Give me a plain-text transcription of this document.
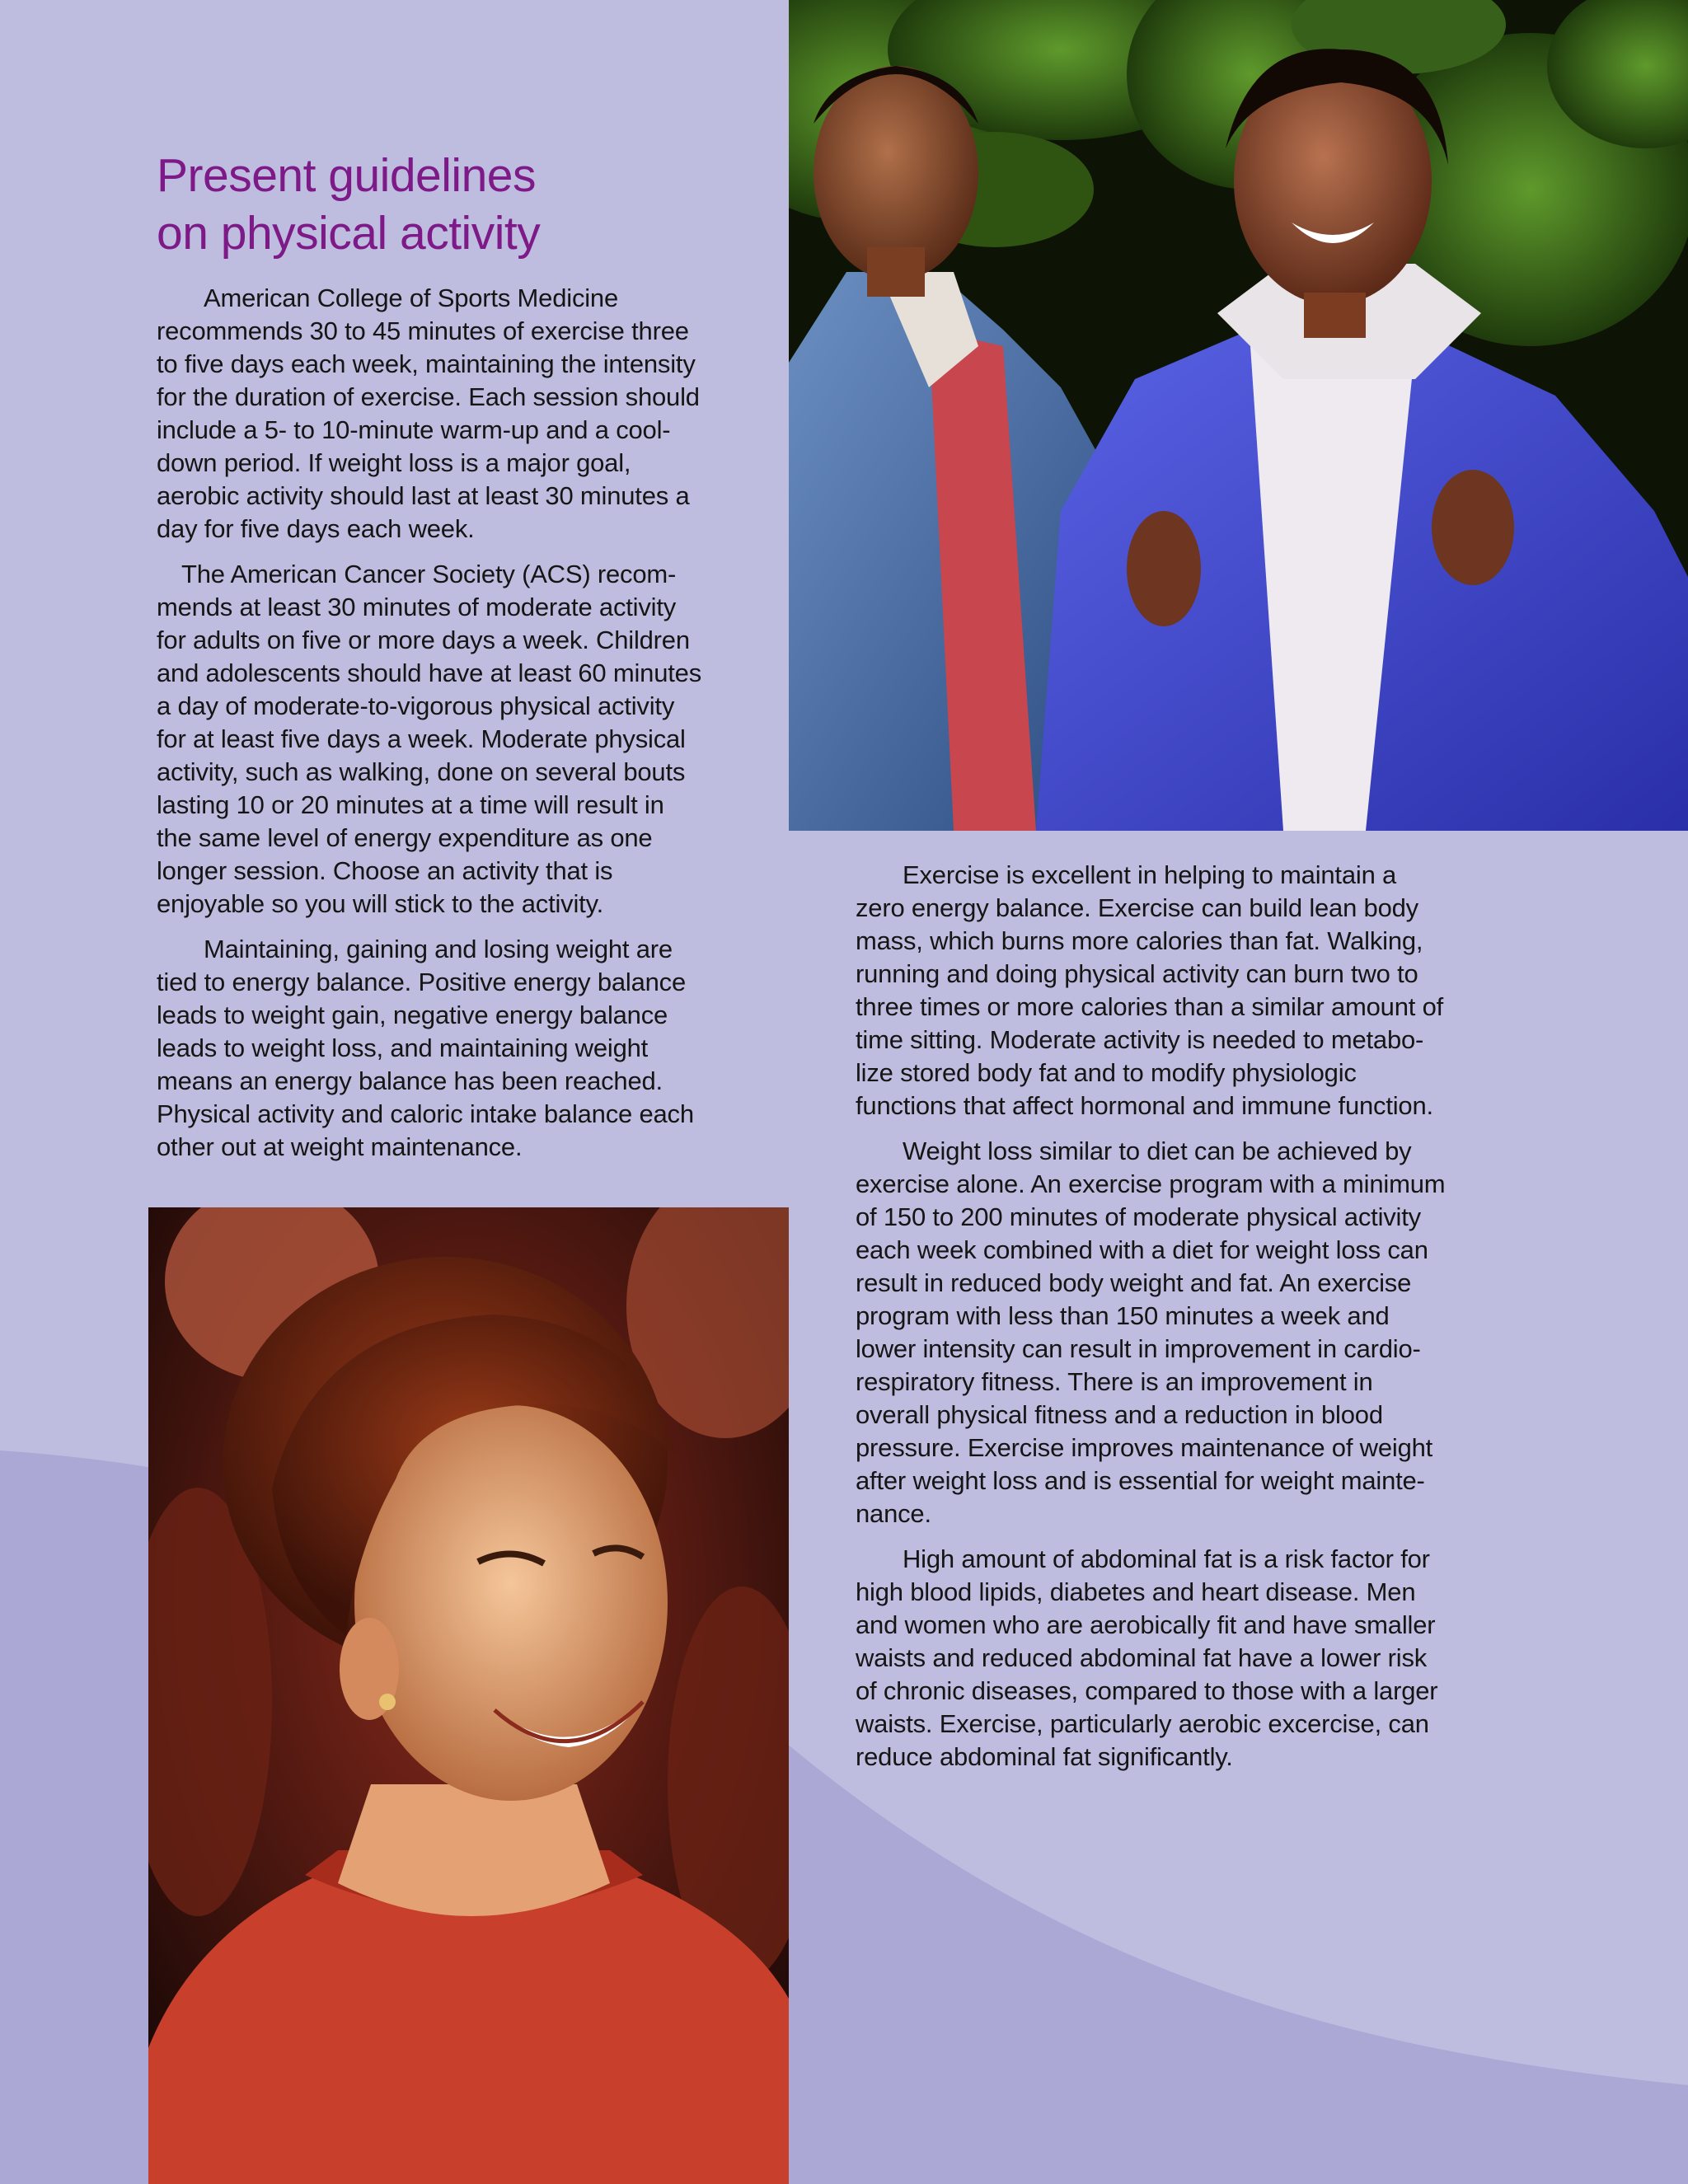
Present guidelines
on physical activity

American College of Sports Medicine
recommends 30 to 45 minutes of exercise three
to five days each week, maintaining the intensity
for the duration of exercise. Each session should
include a 5- to 10-minute warm-up and a cool-
down period. If weight loss is a major goal,
aerobic activity should last at least 30 minutes a
day for five days each week.

The American Cancer Society (ACS) recom-
mends at least 30 minutes of moderate activity
for adults on five or more days a week. Children
and adolescents should have at least 60 minutes
a day of moderate-to-vigorous physical activity
for at least five days a week. Moderate physical
activity, such as walking, done on several bouts
lasting 10 or 20 minutes at a time will result in
the same level of energy expenditure as one
longer session. Choose an activity that is
enjoyable so you will stick to the activity.

Maintaining, gaining and losing weight are
tied to energy balance. Positive energy balance
leads to weight gain, negative energy balance
leads to weight loss, and maintaining weight
means an energy balance has been reached.
Physical activity and caloric intake balance each
other out at weight maintenance.

Exercise is excellent in helping to maintain a
zero energy balance. Exercise can build lean body
mass, which burns more calories than fat. Walking,
running and doing physical activity can burn two to
three times or more calories than a similar amount of
time sitting. Moderate activity is needed to metabo-
lize stored body fat and to modify physiologic
functions that affect hormonal and immune function.

Weight loss similar to diet can be achieved by
exercise alone. An exercise program with a minimum
of 150 to 200 minutes of moderate physical activity
each week combined with a diet for weight loss can
result in reduced body weight and fat. An exercise
program with less than 150 minutes a week and
lower intensity can result in improvement in cardio-
respiratory fitness. There is an improvement in
overall physical fitness and a reduction in blood
pressure. Exercise improves maintenance of weight
after weight loss and is essential for weight mainte-
nance.

High amount of abdominal fat is a risk factor for
high blood lipids, diabetes and heart disease. Men
and women who are aerobically fit and have smaller
waists and reduced abdominal fat have a lower risk
of chronic diseases, compared to those with a larger
waists. Exercise, particularly aerobic excercise, can
reduce abdominal fat significantly.
